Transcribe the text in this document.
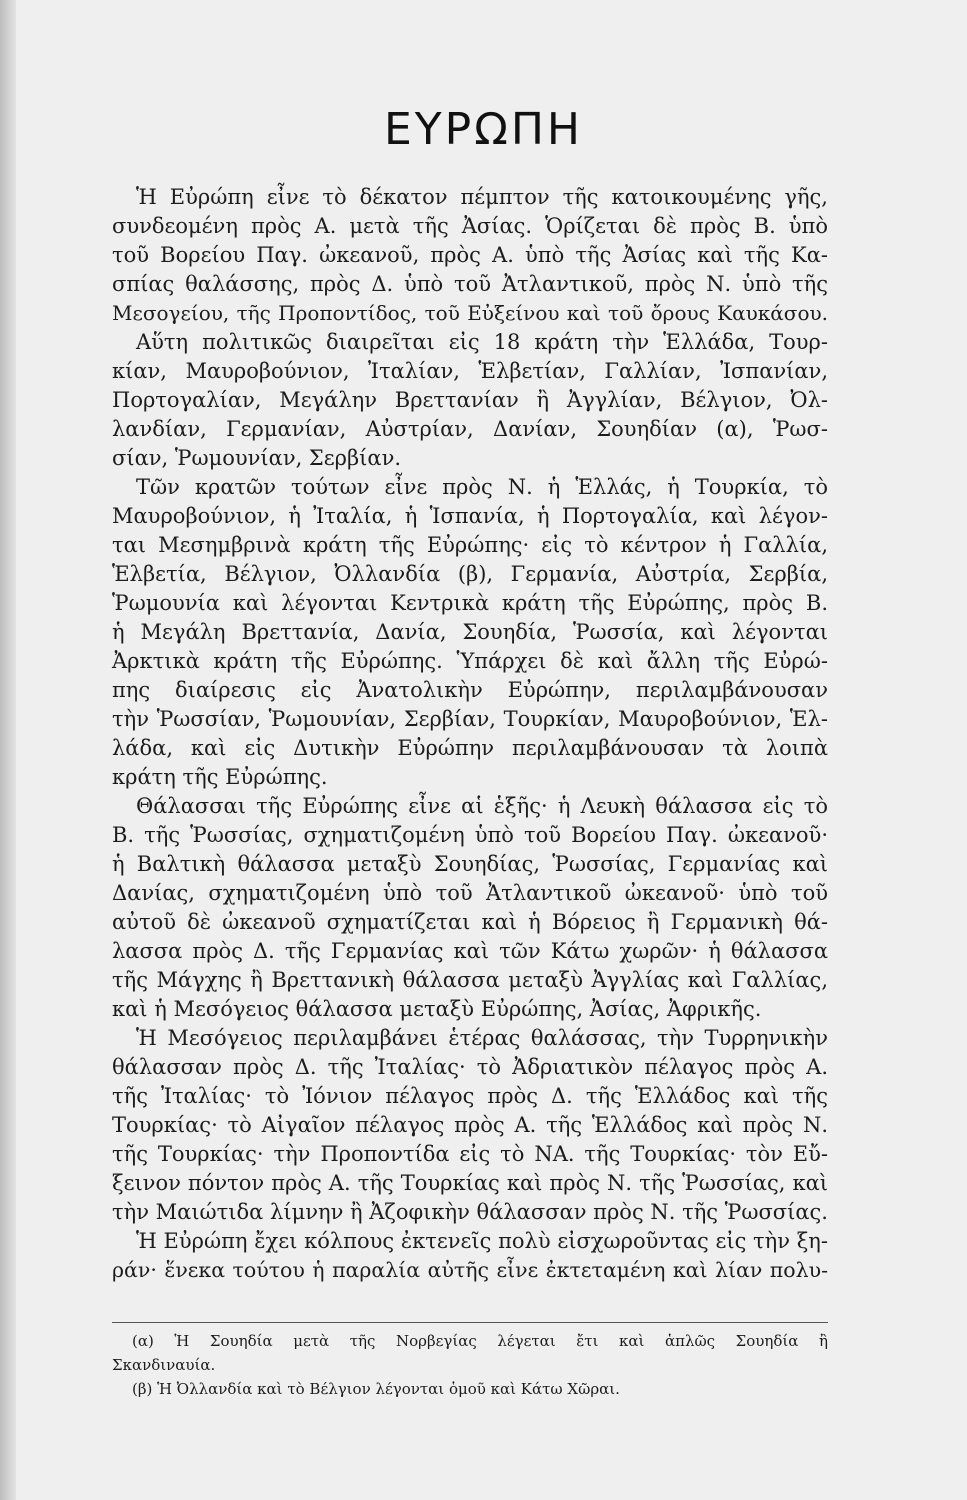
ΕΥΡΩΠΗ
Ἡ Εὐρώπη εἶνε τὸ δέκατον πέμπτον τῆς κατοικουμένης γῆς,
συνδεομένη πρὸς Α. μετὰ τῆς Ἀσίας. Ὁρίζεται δὲ πρὸς Β. ὑπὸ
τοῦ Βορείου Παγ. ὠκεανοῦ, πρὸς Α. ὑπὸ τῆς Ἀσίας καὶ τῆς Κα-
σπίας θαλάσσης, πρὸς Δ. ὑπὸ τοῦ Ἀτλαντικοῦ, πρὸς Ν. ὑπὸ τῆς
Μεσογείου, τῆς Προποντίδος, τοῦ Εὐξείνου καὶ τοῦ ὄρους Καυκάσου.
Αὕτη πολιτικῶς διαιρεῖται εἰς 18 κράτη τὴν Ἑλλάδα, Τουρ-
κίαν, Μαυροβούνιον, Ἰταλίαν, Ἑλβετίαν, Γαλλίαν, Ἰσπανίαν,
Πορτογαλίαν, Μεγάλην Βρεττανίαν ἢ Ἀγγλίαν, Βέλγιον, Ὀλ-
λανδίαν, Γερμανίαν, Αὐστρίαν, Δανίαν, Σουηδίαν (α), Ῥωσ-
σίαν, Ῥωμουνίαν, Σερβίαν.
Τῶν κρατῶν τούτων εἶνε πρὸς Ν. ἡ Ἑλλάς, ἡ Τουρκία, τὸ
Μαυροβούνιον, ἡ Ἰταλία, ἡ Ἱσπανία, ἡ Πορτογαλία, καὶ λέγον-
ται Μεσημβρινὰ κράτη τῆς Εὐρώπης· εἰς τὸ κέντρον ἡ Γαλλία,
Ἑλβετία, Βέλγιον, Ὀλλανδία (β), Γερμανία, Αὐστρία, Σερβία,
Ῥωμουνία καὶ λέγονται Κεντρικὰ κράτη τῆς Εὐρώπης, πρὸς Β.
ἡ Μεγάλη Βρεττανία, Δανία, Σουηδία, Ῥωσσία, καὶ λέγονται
Ἀρκτικὰ κράτη τῆς Εὐρώπης. Ὑπάρχει δὲ καὶ ἄλλη τῆς Εὐρώ-
πης διαίρεσις εἰς Ἀνατολικὴν Εὐρώπην, περιλαμβάνουσαν
τὴν Ῥωσσίαν, Ῥωμουνίαν, Σερβίαν, Τουρκίαν, Μαυροβούνιον, Ἑλ-
λάδα, καὶ εἰς Δυτικὴν Εὐρώπην περιλαμβάνουσαν τὰ λοιπὰ
κράτη τῆς Εὐρώπης.
Θάλασσαι τῆς Εὐρώπης εἶνε αἱ ἑξῆς· ἡ Λευκὴ θάλασσα εἰς τὸ
Β. τῆς Ῥωσσίας, σχηματιζομένη ὑπὸ τοῦ Βορείου Παγ. ὠκεανοῦ·
ἡ Βαλτικὴ θάλασσα μεταξὺ Σουηδίας, Ῥωσσίας, Γερμανίας καὶ
Δανίας, σχηματιζομένη ὑπὸ τοῦ Ἀτλαντικοῦ ὠκεανοῦ· ὑπὸ τοῦ
αὐτοῦ δὲ ὠκεανοῦ σχηματίζεται καὶ ἡ Βόρειος ἢ Γερμανικὴ θά-
λασσα πρὸς Δ. τῆς Γερμανίας καὶ τῶν Κάτω χωρῶν· ἡ θάλασσα
τῆς Μάγχης ἢ Βρεττανικὴ θάλασσα μεταξὺ Ἀγγλίας καὶ Γαλλίας,
καὶ ἡ Μεσόγειος θάλασσα μεταξὺ Εὐρώπης, Ἀσίας, Ἀφρικῆς.
Ἡ Μεσόγειος περιλαμβάνει ἑτέρας θαλάσσας, τὴν Τυρρηνικὴν
θάλασσαν πρὸς Δ. τῆς Ἰταλίας· τὸ Ἀδριατικὸν πέλαγος πρὸς Α.
τῆς Ἰταλίας· τὸ Ἰόνιον πέλαγος πρὸς Δ. τῆς Ἑλλάδος καὶ τῆς
Τουρκίας· τὸ Αἰγαῖον πέλαγος πρὸς Α. τῆς Ἑλλάδος καὶ πρὸς Ν.
τῆς Τουρκίας· τὴν Προποντίδα εἰς τὸ ΝΑ. τῆς Τουρκίας· τὸν Εὔ-
ξεινον πόντον πρὸς Α. τῆς Τουρκίας καὶ πρὸς Ν. τῆς Ῥωσσίας, καὶ
τὴν Μαιώτιδα λίμνην ἢ Ἀζοφικὴν θάλασσαν πρὸς Ν. τῆς Ῥωσσίας.
Ἡ Εὐρώπη ἔχει κόλπους ἐκτενεῖς πολὺ εἰσχωροῦντας εἰς τὴν ξη-
ράν· ἕνεκα τούτου ἡ παραλία αὐτῆς εἶνε ἐκτεταμένη καὶ λίαν πολυ-
(α) Ἡ Σουηδία μετὰ τῆς Νορβεγίας λέγεται ἔτι καὶ ἁπλῶς Σουηδία ἢ
Σκανδιναυία.
(β) Ἡ Ὀλλανδία καὶ τὸ Βέλγιον λέγονται ὁμοῦ καὶ Κάτω Χῶραι.
